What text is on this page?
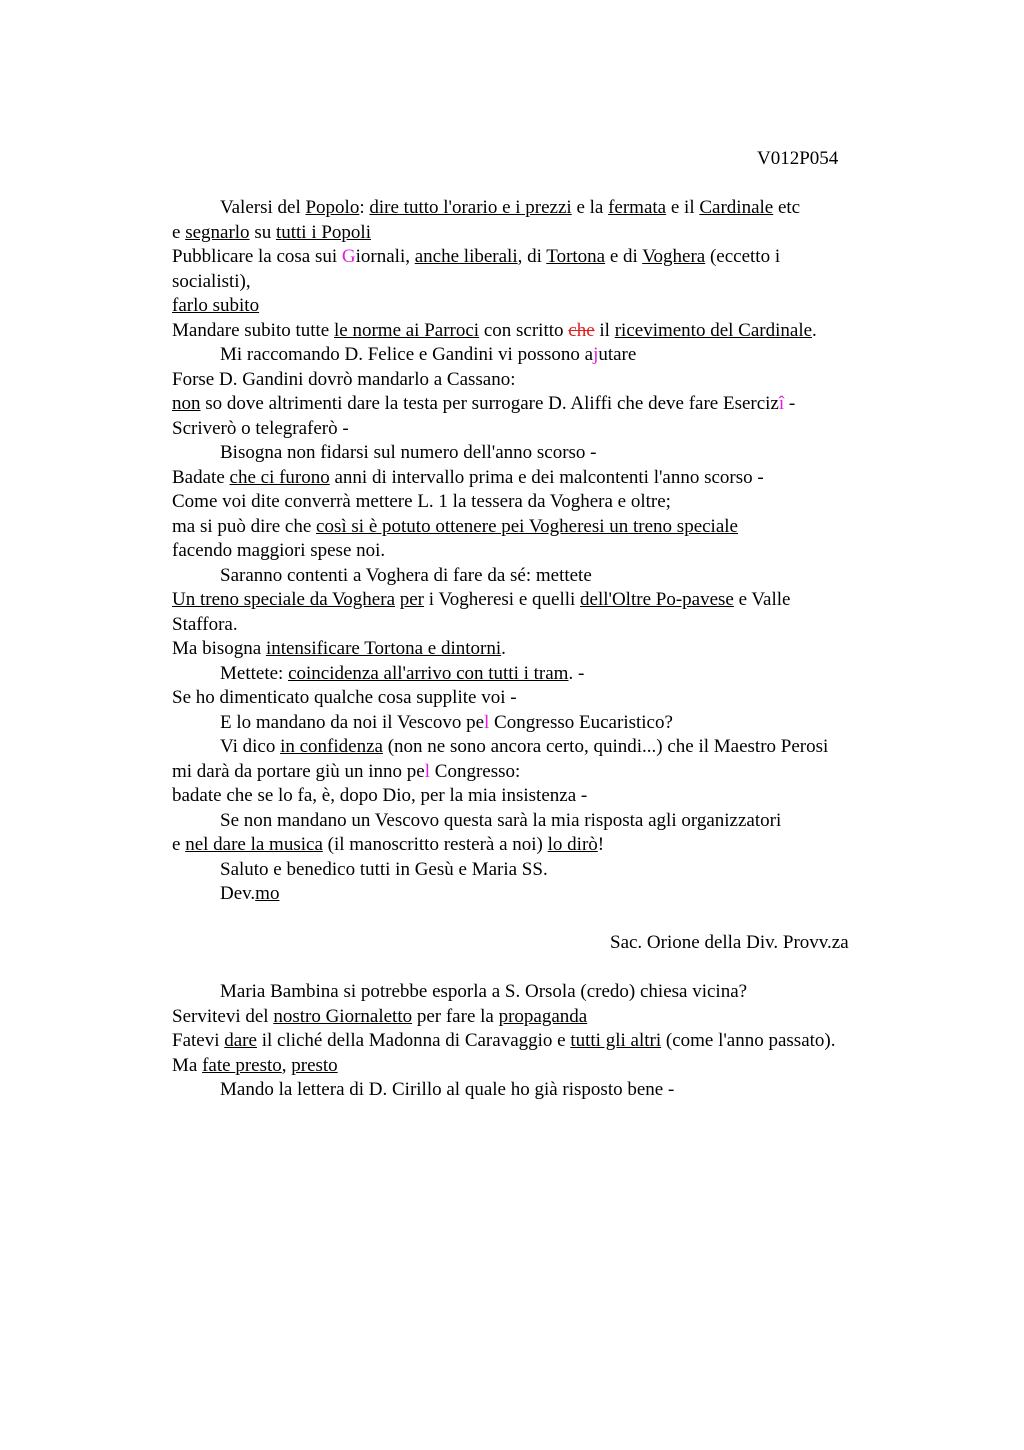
V012P054
Valersi del Popolo: dire tutto l'orario e i prezzi e la fermata e il Cardinale etc
e segnarlo su tutti i Popoli
Pubblicare la cosa sui Giornali, anche liberali, di Tortona e di Voghera (eccetto i
socialisti),
farlo subito
Mandare subito tutte le norme ai Parroci con scritto che il ricevimento del Cardinale.
Mi raccomando D. Felice e Gandini vi possono ajutare
Forse D. Gandini dovrò mandarlo a Cassano:
non so dove altrimenti dare la testa per surrogare D. Aliffi che deve fare Esercizî -
Scriverò o telegraferò -
Bisogna non fidarsi sul numero dell'anno scorso -
Badate che ci furono anni di intervallo prima e dei malcontenti l'anno scorso -
Come voi dite converrà mettere L. 1 la tessera da Voghera e oltre;
ma si può dire che così si è potuto ottenere pei Vogheresi un treno speciale
facendo maggiori spese noi.
Saranno contenti a Voghera di fare da sé: mettete
Un treno speciale da Voghera per i Vogheresi e quelli dell'Oltre Po-pavese e Valle
Staffora.
Ma bisogna intensificare Tortona e dintorni.
Mettete: coincidenza all'arrivo con tutti i tram. -
Se ho dimenticato qualche cosa supplite voi -
E lo mandano da noi il Vescovo pel Congresso Eucaristico?
Vi dico in confidenza (non ne sono ancora certo, quindi...) che il Maestro Perosi
mi darà da portare giù un inno pel Congresso:
badate che se lo fa, è, dopo Dio, per la mia insistenza -
Se non mandano un Vescovo questa sarà la mia risposta agli organizzatori
e nel dare la musica (il manoscritto resterà a noi) lo dirò!
Saluto e benedico tutti in Gesù e Maria SS.
Dev.mo
Sac. Orione della Div. Provv.za
Maria Bambina si potrebbe esporla a S. Orsola (credo) chiesa vicina?
Servitevi del nostro Giornaletto per fare la propaganda
Fatevi dare il cliché della Madonna di Caravaggio e tutti gli altri (come l'anno passato).
Ma fate presto, presto
Mando la lettera di D. Cirillo al quale ho già risposto bene -
